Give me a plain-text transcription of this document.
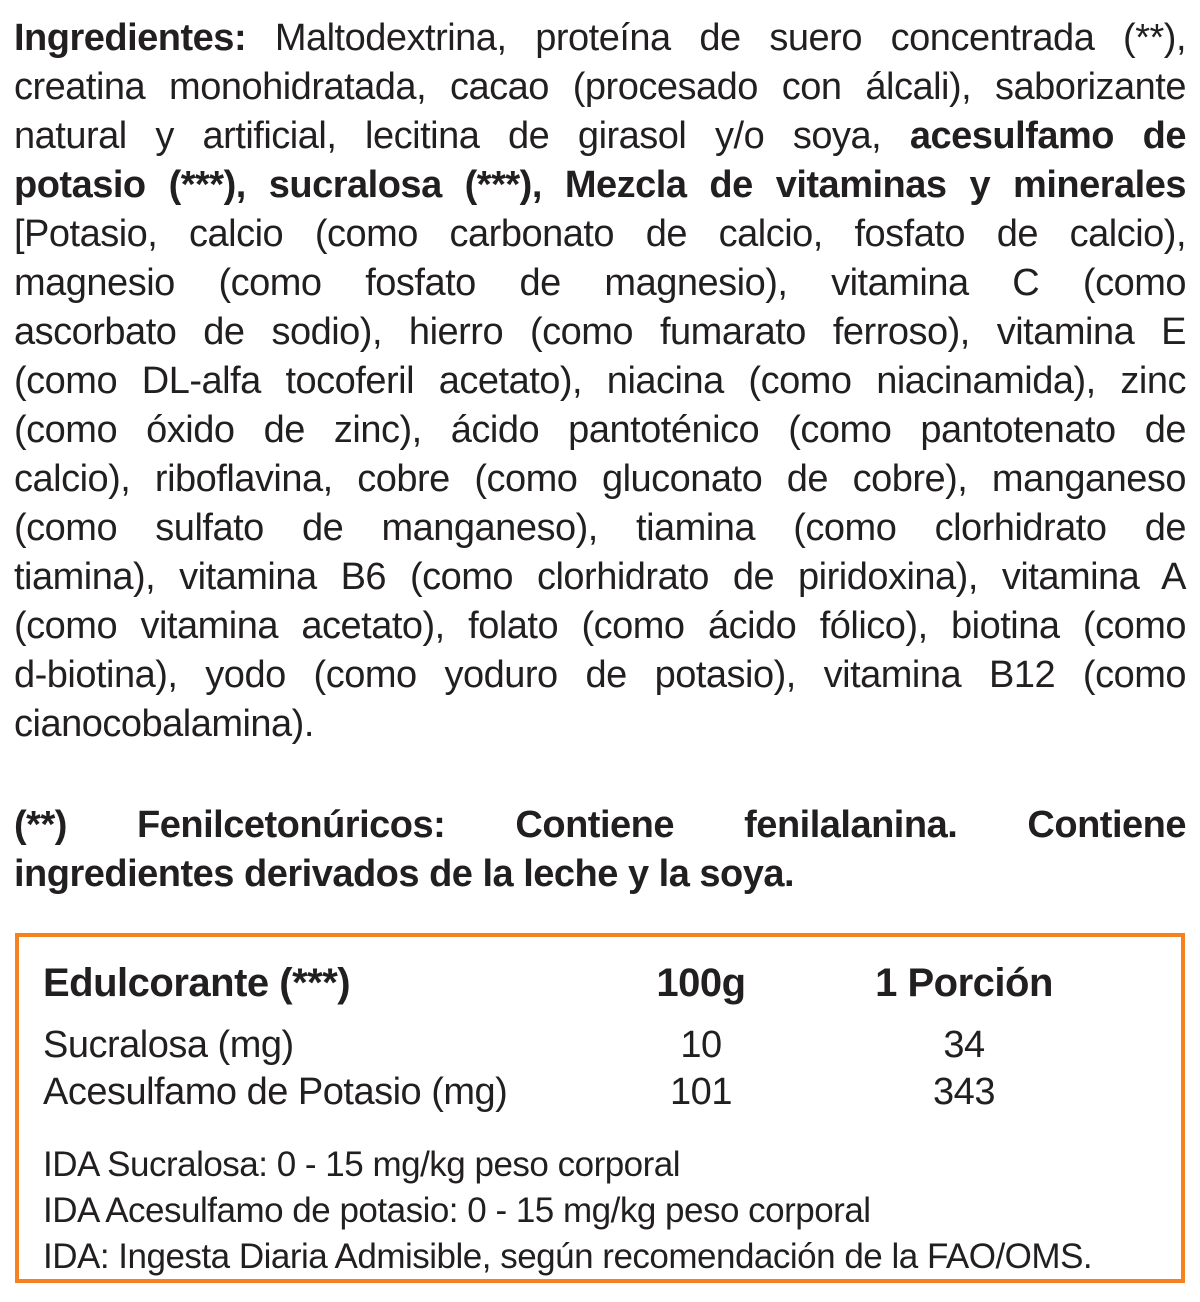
Ingredientes: Maltodextrina, proteína de suero concentrada (**),
creatina monohidratada, cacao (procesado con álcali), saborizante
natural y artificial, lecitina de girasol y/o soya, acesulfamo de
potasio (***), sucralosa (***), Mezcla de vitaminas y minerales
[Potasio, calcio (como carbonato de calcio, fosfato de calcio),
magnesio (como fosfato de magnesio), vitamina C (como
ascorbato de sodio), hierro (como fumarato ferroso), vitamina E
(como DL-alfa tocoferil acetato), niacina (como niacinamida), zinc
(como óxido de zinc), ácido pantoténico (como pantotenato de
calcio), riboflavina, cobre (como gluconato de cobre), manganeso
(como sulfato de manganeso), tiamina (como clorhidrato de
tiamina), vitamina B6 (como clorhidrato de piridoxina), vitamina A
(como vitamina acetato), folato (como ácido fólico), biotina (como
d-biotina), yodo (como yoduro de potasio), vitamina B12 (como
cianocobalamina).
(**) Fenilcetonúricos: Contiene fenilalanina. Contiene
ingredientes derivados de la leche y la soya.
Edulcorante (***)	100g	1 Porción
Sucralosa (mg)	10	34
Acesulfamo de Potasio (mg)	101	343
IDA Sucralosa: 0 - 15 mg/kg peso corporal
IDA Acesulfamo de potasio: 0 - 15 mg/kg peso corporal
IDA: Ingesta Diaria Admisible, según recomendación de la FAO/OMS.
